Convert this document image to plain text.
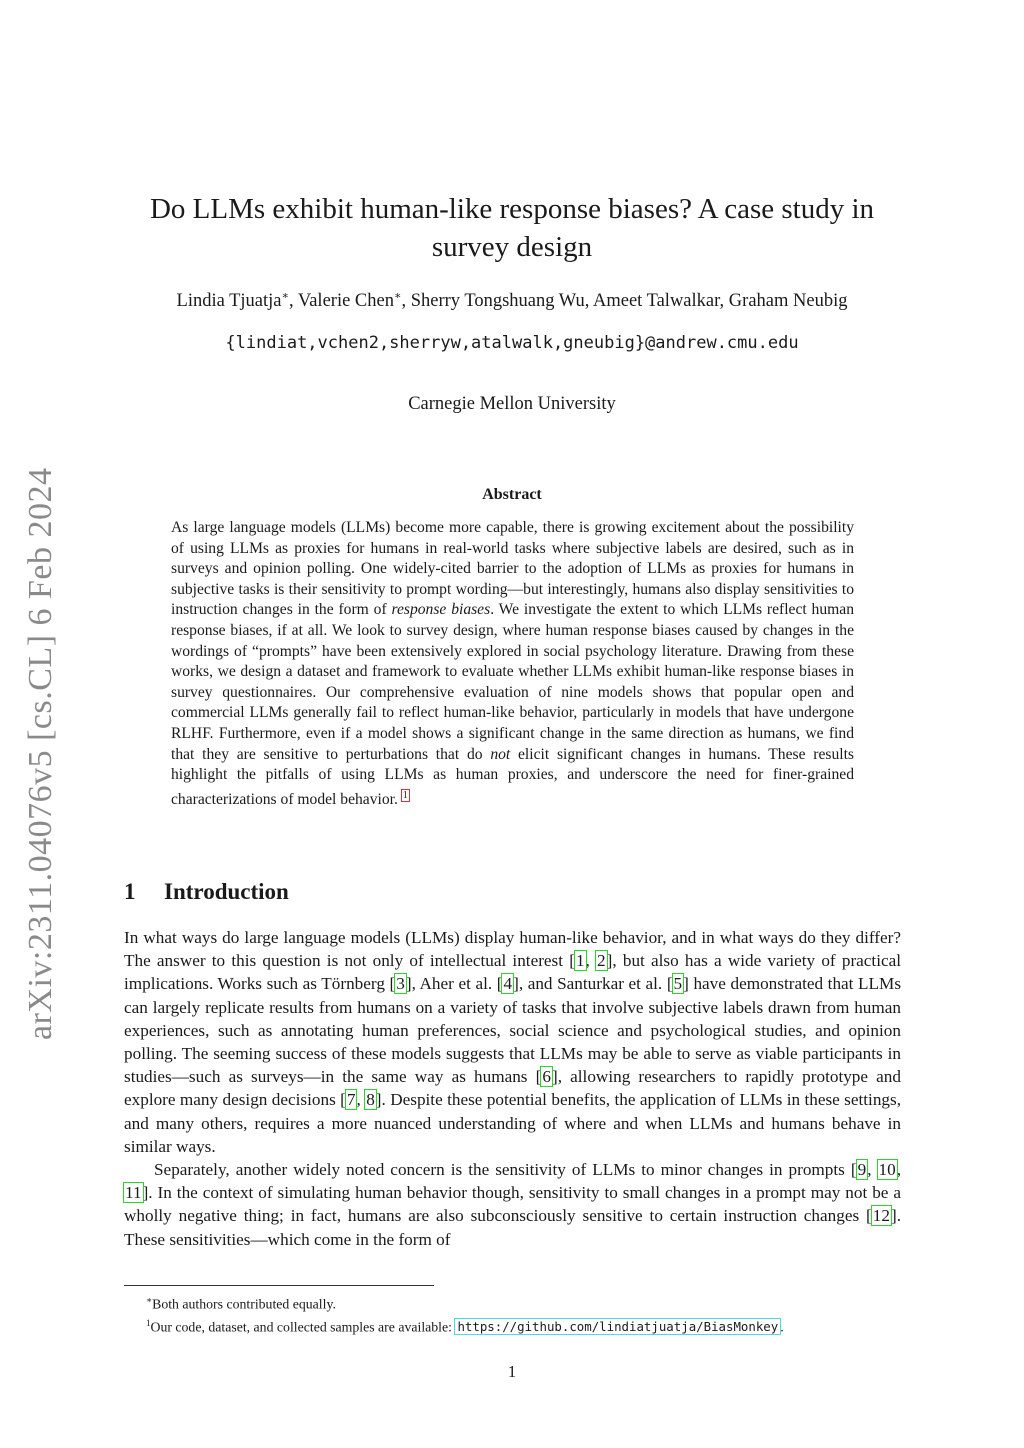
arXiv:2311.04076v5 [cs.CL] 6 Feb 2024
Do LLMs exhibit human-like response biases? A case study in survey design
Lindia Tjuatja∗, Valerie Chen∗, Sherry Tongshuang Wu, Ameet Talwalkar, Graham Neubig
{lindiat,vchen2,sherryw,atalwalk,gneubig}@andrew.cmu.edu
Carnegie Mellon University
Abstract
As large language models (LLMs) become more capable, there is growing excitement about the possibility of using LLMs as proxies for humans in real-world tasks where subjective labels are desired, such as in surveys and opinion polling. One widely-cited barrier to the adoption of LLMs as proxies for humans in subjective tasks is their sensitivity to prompt wording—but interestingly, humans also display sensitivities to instruction changes in the form of response biases. We investigate the extent to which LLMs reflect human response biases, if at all. We look to survey design, where human response biases caused by changes in the wordings of “prompts” have been extensively explored in social psychology literature. Drawing from these works, we design a dataset and framework to evaluate whether LLMs exhibit human-like response biases in survey questionnaires. Our comprehensive evaluation of nine models shows that popular open and commercial LLMs generally fail to reflect human-like behavior, particularly in models that have undergone RLHF. Furthermore, even if a model shows a significant change in the same direction as humans, we find that they are sensitive to perturbations that do not elicit significant changes in humans. These results highlight the pitfalls of using LLMs as human proxies, and underscore the need for finer-grained characterizations of model behavior. $^1$
1 Introduction

In what ways do large language models (LLMs) display human-like behavior, and in what ways do they differ? The answer to this question is not only of intellectual interest [1, 2], but also has a wide variety of practical implications. Works such as Törnberg [3], Aher et al. [4], and Santurkar et al. [5] have demonstrated that LLMs can largely replicate results from humans on a variety of tasks that involve subjective labels drawn from human experiences, such as annotating human preferences, social science and psychological studies, and opinion polling. The seeming success of these models suggests that LLMs may be able to serve as viable participants in studies—such as surveys—in the same way as humans [6], allowing researchers to rapidly prototype and explore many design decisions [7, 8]. Despite these potential benefits, the application of LLMs in these settings, and many others, requires a more nuanced understanding of where and when LLMs and humans behave in similar ways.

Separately, another widely noted concern is the sensitivity of LLMs to minor changes in prompts [9, 10, 11]. In the context of simulating human behavior though, sensitivity to small changes in a prompt may not be a wholly negative thing; in fact, humans are also subconsciously sensitive to certain instruction changes [12]. These sensitivities—which come in the form of

∗Both authors contributed equally.
$^1$Our code, dataset, and collected samples are available: https://github.com/lindiatjuatja/BiasMonkey .
1
